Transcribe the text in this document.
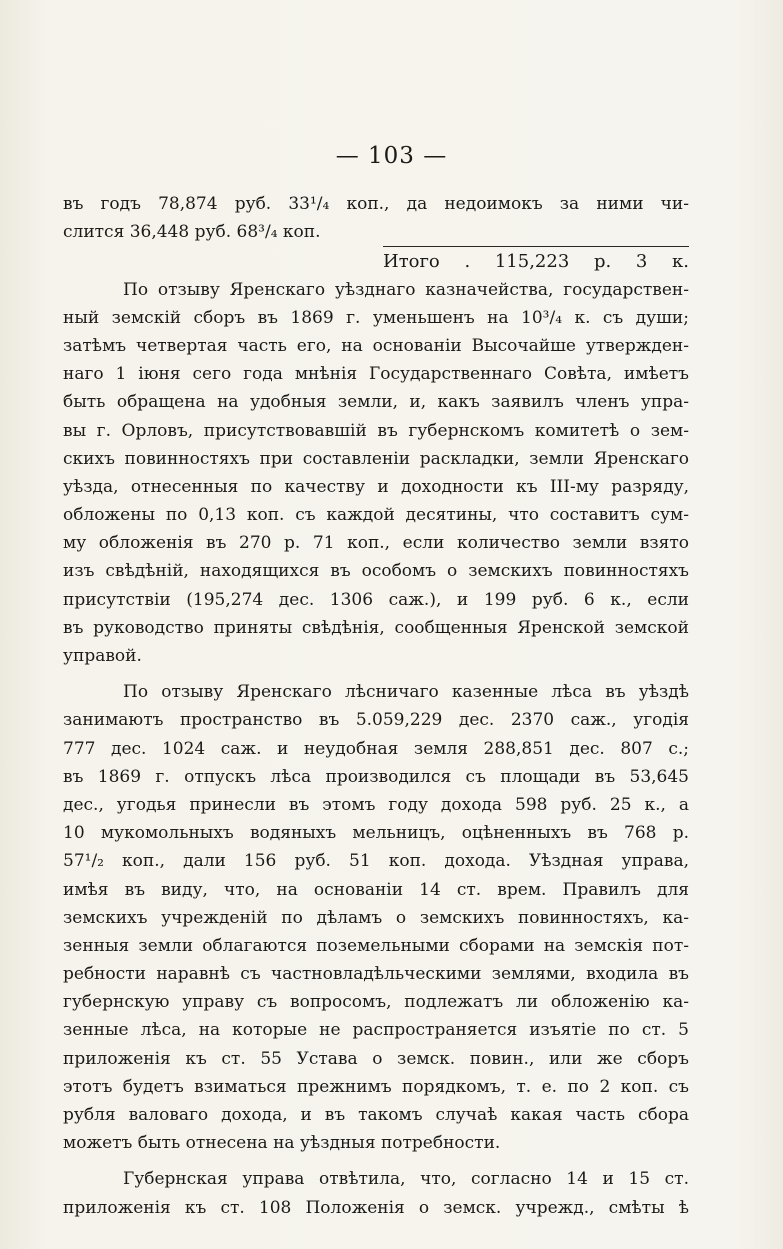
— 103 —
въ годъ 78,874 руб. 33¹/₄ коп., да недоимокъ за ними чи-
слится 36,448 руб. 68³/₄ коп.
Итого . 115,223 р. 3 к.
По отзыву Яренскаго уѣзднаго казначейства, государствен-
ный земскій сборъ въ 1869 г. уменьшенъ на 10³/₄ к. съ души;
затѣмъ четвертая часть его, на основаніи Высочайше утвержден-
наго 1 іюня сего года мнѣнія Государственнаго Совѣта, имѣетъ
быть обращена на удобныя земли, и, какъ заявилъ членъ упра-
вы г. Орловъ, присутствовавшій въ губернскомъ комитетѣ о зем-
скихъ повинностяхъ при составленіи раскладки, земли Яренскаго
уѣзда, отнесенныя по качеству и доходности къ III-му разряду,
обложены по 0,13 коп. съ каждой десятины, что составитъ сум-
му обложенія въ 270 р. 71 коп., если количество земли взято
изъ свѣдѣній, находящихся въ особомъ о земскихъ повинностяхъ
присутствіи (195,274 дес. 1306 саж.), и 199 руб. 6 к., если
въ руководство приняты свѣдѣнія, сообщенныя Яренской земской
управой.
По отзыву Яренскаго лѣсничаго казенные лѣса въ уѣздѣ
занимаютъ пространство въ 5.059,229 дес. 2370 саж., угодія
777 дес. 1024 саж. и неудобная земля 288,851 дес. 807 с.;
въ 1869 г. отпускъ лѣса производился съ площади въ 53,645
дес., угодья принесли въ этомъ году дохода 598 руб. 25 к., а
10 мукомольныхъ водяныхъ мельницъ, оцѣненныхъ въ 768 р.
57¹/₂ коп., дали 156 руб. 51 коп. дохода. Уѣздная управа,
имѣя въ виду, что, на основаніи 14 ст. врем. Правилъ для
земскихъ учрежденій по дѣламъ о земскихъ повинностяхъ, ка-
зенныя земли облагаются поземельными сборами на земскія пот-
ребности наравнѣ съ частновладѣльческими землями, входила въ
губернскую управу съ вопросомъ, подлежатъ ли обложенію ка-
зенные лѣса, на которые не распространяется изъятіе по ст. 5
приложенія къ ст. 55 Устава о земск. повин., или же сборъ
этотъ будетъ взиматься прежнимъ порядкомъ, т. е. по 2 коп. съ
рубля валоваго дохода, и въ такомъ случаѣ какая часть сбора
можетъ быть отнесена на уѣздныя потребности.
Губернская управа отвѣтила, что, согласно 14 и 15 ст.
приложенія къ ст. 108 Положенія о земск. учрежд., смѣты ѣ
